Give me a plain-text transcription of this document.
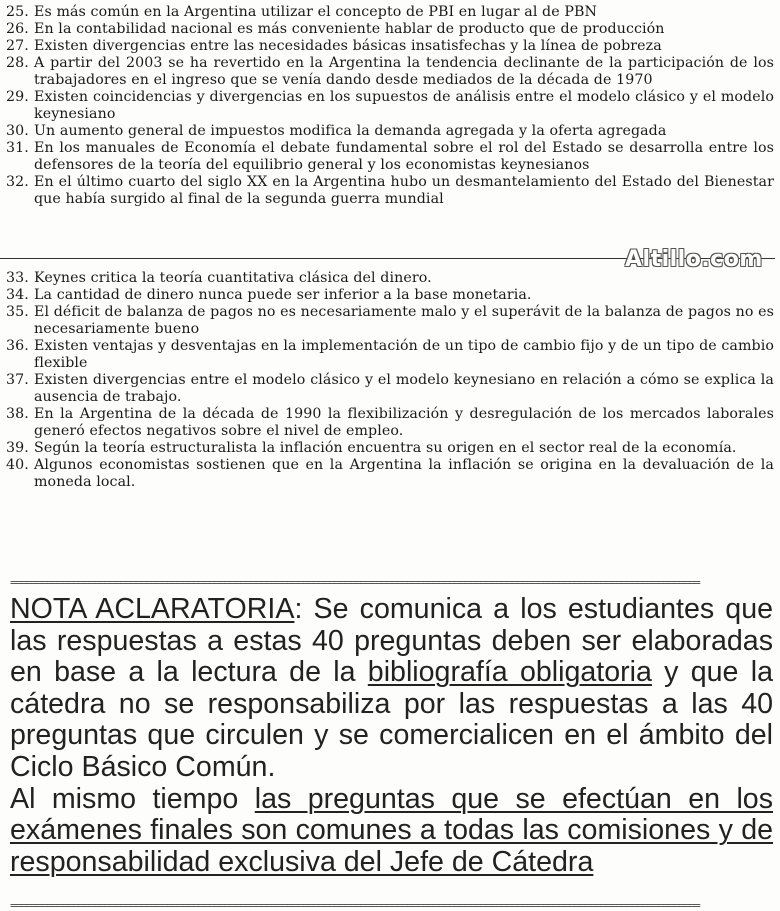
25. Es más común en la Argentina utilizar el concepto de PBI en lugar al de PBN
26. En la contabilidad nacional es más conveniente hablar de producto que de producción
27. Existen divergencias entre las necesidades básicas insatisfechas y la línea de pobreza
28. A partir del 2003 se ha revertido en la Argentina la tendencia declinante de la participación de los trabajadores en el ingreso que se venía dando desde mediados de la década de 1970
29. Existen coincidencias y divergencias en los supuestos de análisis entre el modelo clásico y el modelo keynesiano
30. Un aumento general de impuestos modifica la demanda agregada y la oferta agregada
31. En los manuales de Economía el debate fundamental sobre el rol del Estado se desarrolla entre los defensores de la teoría del equilibrio general y los economistas keynesianos
32. En el último cuarto del siglo XX en la Argentina hubo un desmantelamiento del Estado del Bienestar que había surgido al final de la segunda guerra mundial
Altillo.com
33. Keynes critica la teoría cuantitativa clásica del dinero.
34. La cantidad de dinero nunca puede ser inferior a la base monetaria.
35. El déficit de balanza de pagos no es necesariamente malo y el superávit de la balanza de pagos no es necesariamente bueno
36. Existen ventajas y desventajas en la implementación de un tipo de cambio fijo y de un tipo de cambio flexible
37. Existen divergencias entre el modelo clásico y el modelo keynesiano en relación a cómo se explica la ausencia de trabajo.
38. En la Argentina de la década de 1990 la flexibilización y desregulación de los mercados laborales generó efectos negativos sobre el nivel de empleo.
39. Según la teoría estructuralista la inflación encuentra su origen en el sector real de la economía.
40. Algunos economistas sostienen que en la Argentina la inflación se origina en la devaluación de la moneda local.
====================================================================================================================================

NOTA ACLARATORIA: Se comunica a los estudiantes que las respuestas a estas 40 preguntas deben ser elaboradas en base a la lectura de la bibliografía obligatoria y que la cátedra no se responsabiliza por las respuestas a las 40 preguntas que circulen y se comercialicen en el ámbito del Ciclo Básico Común.
Al mismo tiempo las preguntas que se efectúan en los exámenes finales son comunes a todas las comisiones y de responsabilidad exclusiva del Jefe de Cátedra

====================================================================================================================================
